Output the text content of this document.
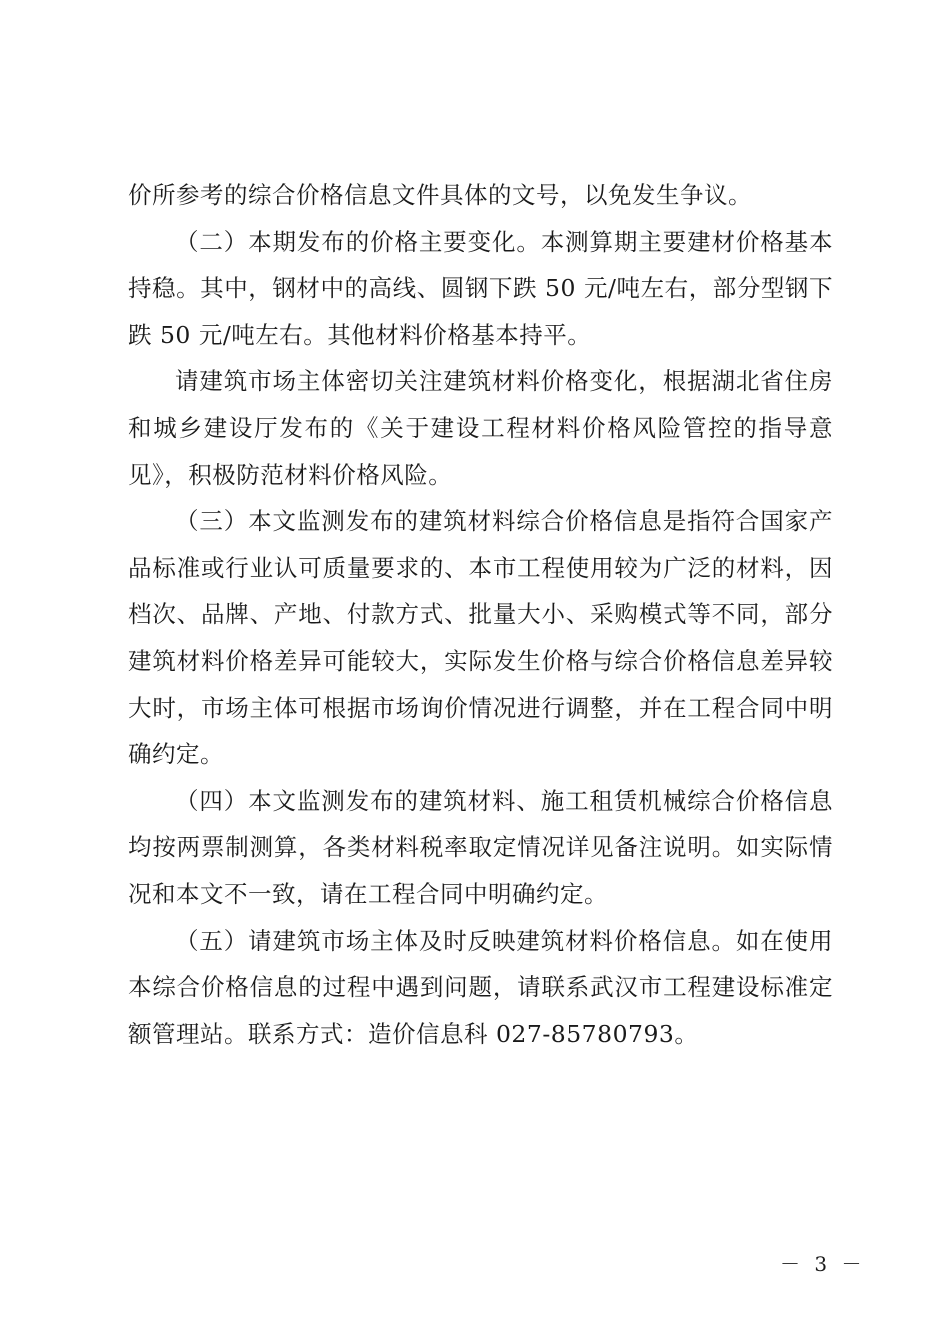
价所参考的综合价格信息文件具体的文号，以免发生争议。

（二）本期发布的价格主要变化。本测算期主要建材价格基本持稳。其中，钢材中的高线、圆钢下跌 50 元/吨左右，部分型钢下跌 50 元/吨左右。其他材料价格基本持平。

请建筑市场主体密切关注建筑材料价格变化，根据湖北省住房和城乡建设厅发布的《关于建设工程材料价格风险管控的指导意见》，积极防范材料价格风险。

（三）本文监测发布的建筑材料综合价格信息是指符合国家产品标准或行业认可质量要求的、本市工程使用较为广泛的材料，因档次、品牌、产地、付款方式、批量大小、采购模式等不同，部分建筑材料价格差异可能较大，实际发生价格与综合价格信息差异较大时，市场主体可根据市场询价情况进行调整，并在工程合同中明确约定。

（四）本文监测发布的建筑材料、施工租赁机械综合价格信息均按两票制测算，各类材料税率取定情况详见备注说明。如实际情况和本文不一致，请在工程合同中明确约定。

（五）请建筑市场主体及时反映建筑材料价格信息。如在使用本综合价格信息的过程中遇到问题，请联系武汉市工程建设标准定额管理站。联系方式：造价信息科 027-85780793。

－ 3 －
